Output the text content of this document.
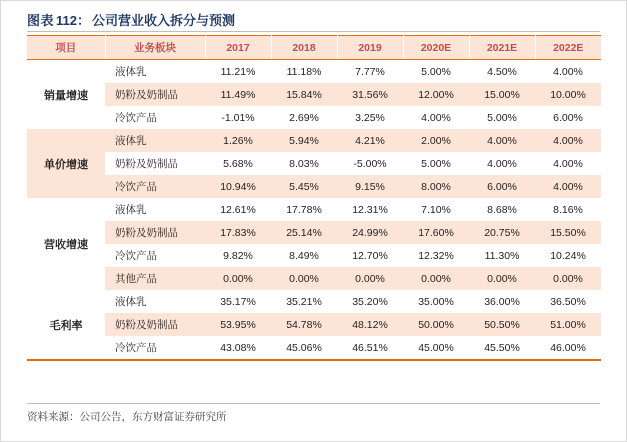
图表 112 ： 公司营业收入拆分与预测
项目	业务板块	2017	2018	2019	2020E	2021E	2022E
销量增速	液体乳	11.21%	11.18%	7.77%	5.00%	4.50%	4.00%
	奶粉及奶制品	11.49%	15.84%	31.56%	12.00%	15.00%	10.00%
	冷饮产品	-1.01%	2.69%	3.25%	4.00%	5.00%	6.00%
单价增速	液体乳	1.26%	5.94%	4.21%	2.00%	4.00%	4.00%
	奶粉及奶制品	5.68%	8.03%	-5.00%	5.00%	4.00%	4.00%
	冷饮产品	10.94%	5.45%	9.15%	8.00%	6.00%	4.00%
营收增速	液体乳	12.61%	17.78%	12.31%	7.10%	8.68%	8.16%
	奶粉及奶制品	17.83%	25.14%	24.99%	17.60%	20.75%	15.50%
	冷饮产品	9.82%	8.49%	12.70%	12.32%	11.30%	10.24%
	其他产品	0.00%	0.00%	0.00%	0.00%	0.00%	0.00%
毛利率	液体乳	35.17%	35.21%	35.20%	35.00%	36.00%	36.50%
	奶粉及奶制品	53.95%	54.78%	48.12%	50.00%	50.50%	51.00%
	冷饮产品	43.08%	45.06%	46.51%	45.00%	45.50%	46.00%
资料来源：公司公告，东方财富证券研究所
